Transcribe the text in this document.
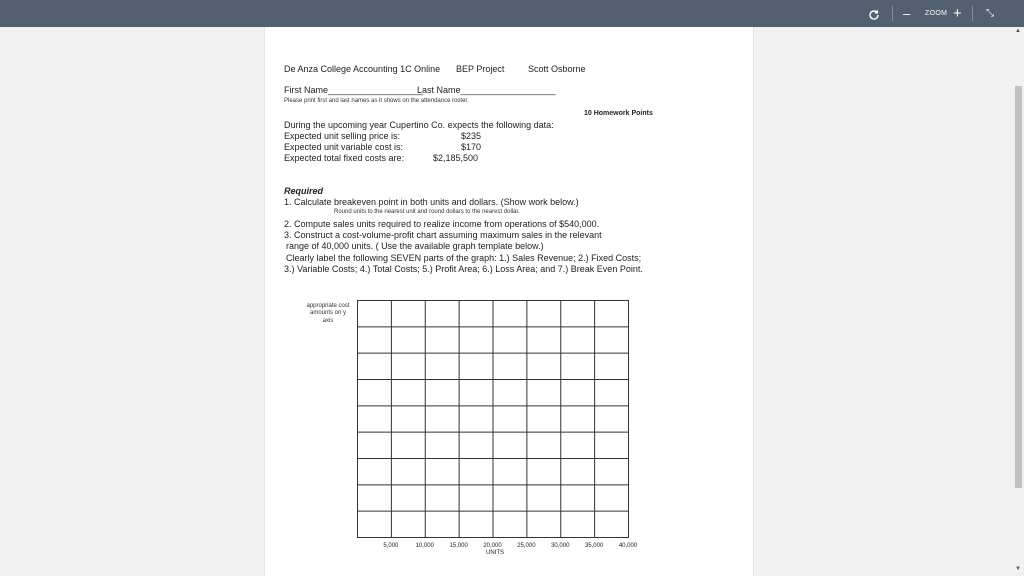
– ZOOM + ⤡
▲
▼
De Anza College Accounting 1C Online BEP Project	Scott Osborne
First Name___________________
Last Name___________________
Please print first and last names as it shows on the attendance roster.
10 Homework Points
During the upcoming year Cupertino Co. expects the following data:
Expected unit selling price is:	$235
Expected unit variable cost is:	$170
Expected total fixed costs are:	$2,185,500
Required
1. Calculate breakeven point in both units and dollars. (Show work below.)
Round units to the nearest unit and round dollars to the nearest dollar.
2. Compute sales units required to realize income from operations of $540,000.
3. Construct a cost-volume-profit chart assuming maximum sales in the relevant
range of 40,000 units. ( Use the available graph template below.)
Clearly label the following SEVEN parts of the graph: 1.) Sales Revenue; 2.) Fixed Costs;
3.) Variable Costs; 4.) Total Costs; 5.) Profit Area; 6.) Loss Area; and 7.) Break Even Point.
appropriate cost
amounts on y
axis
5,000	10,000	15,000	20,000	25,000	30,000	35,000	40,000
UNITS
